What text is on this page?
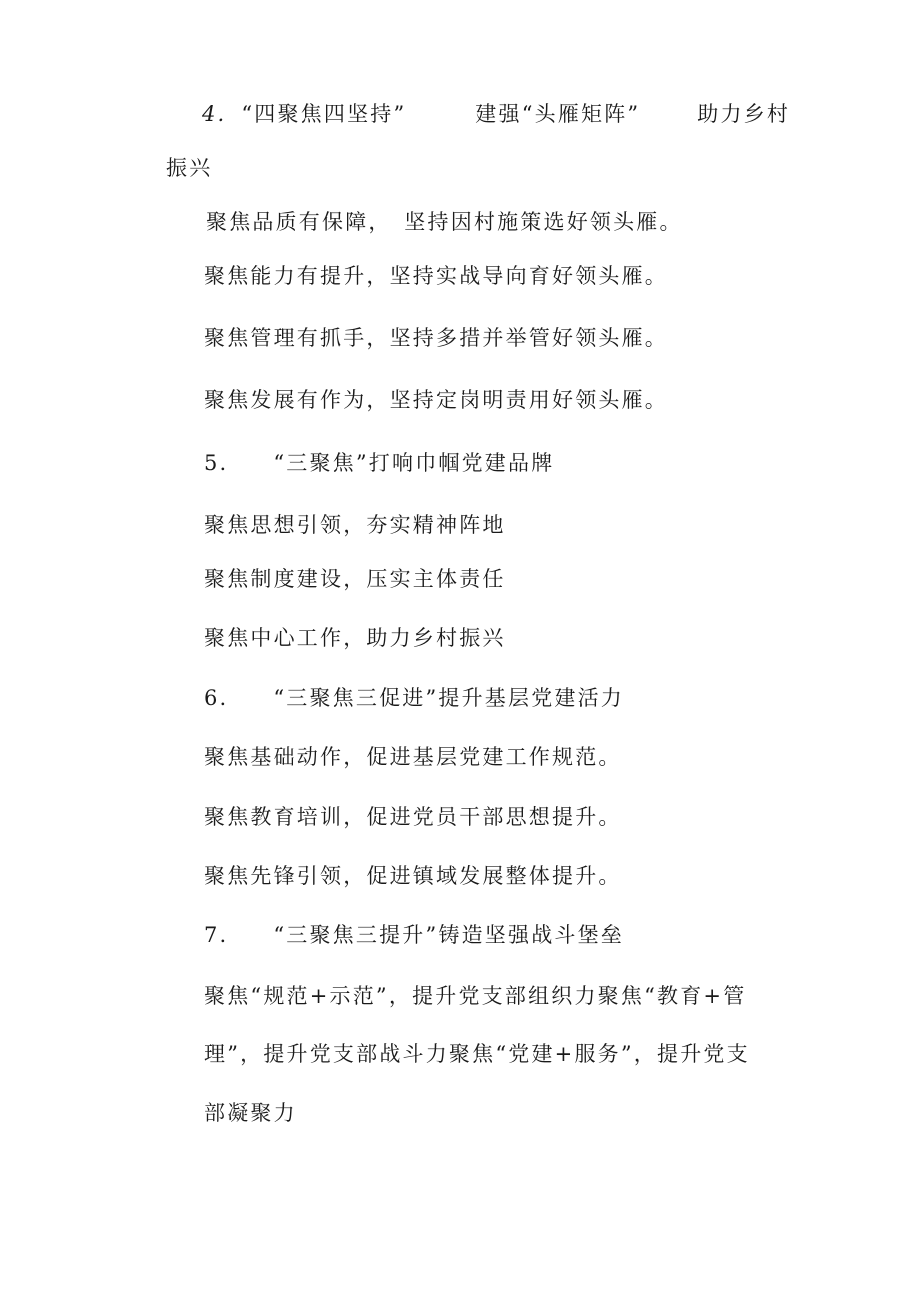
4. “四聚焦四坚持”	建强“头雁矩阵”	助力乡村
振兴
聚焦品质有保障，　坚持因村施策选好领头雁。
聚焦能力有提升，坚持实战导向育好领头雁。
聚焦管理有抓手，坚持多措并举管好领头雁。
聚焦发展有作为，坚持定岗明责用好领头雁。
5. “三聚焦”打响巾帼党建品牌
聚焦思想引领，夯实精神阵地
聚焦制度建设，压实主体责任
聚焦中心工作，助力乡村振兴
6. “三聚焦三促进”提升基层党建活力
聚焦基础动作，促进基层党建工作规范。
聚焦教育培训，促进党员干部思想提升。
聚焦先锋引领，促进镇域发展整体提升。
7. “三聚焦三提升”铸造坚强战斗堡垒
聚焦“规范+示范”，提升党支部组织力聚焦“教育+管
理”，提升党支部战斗力聚焦“党建+服务”，提升党支
部凝聚力
